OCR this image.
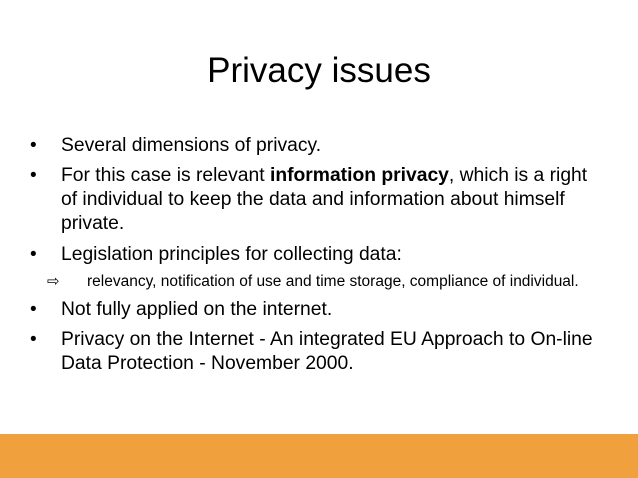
Privacy issues
•	Several dimensions of privacy.
•	For this case is relevant information privacy, which is a right of individual to keep the data and information about himself private.
•	Legislation principles for collecting data:
⇨	relevancy, notification of use and time storage, compliance of individual.
•	Not fully applied on the internet.
•	Privacy on the Internet - An integrated EU Approach to On-line Data Protection - November 2000.
